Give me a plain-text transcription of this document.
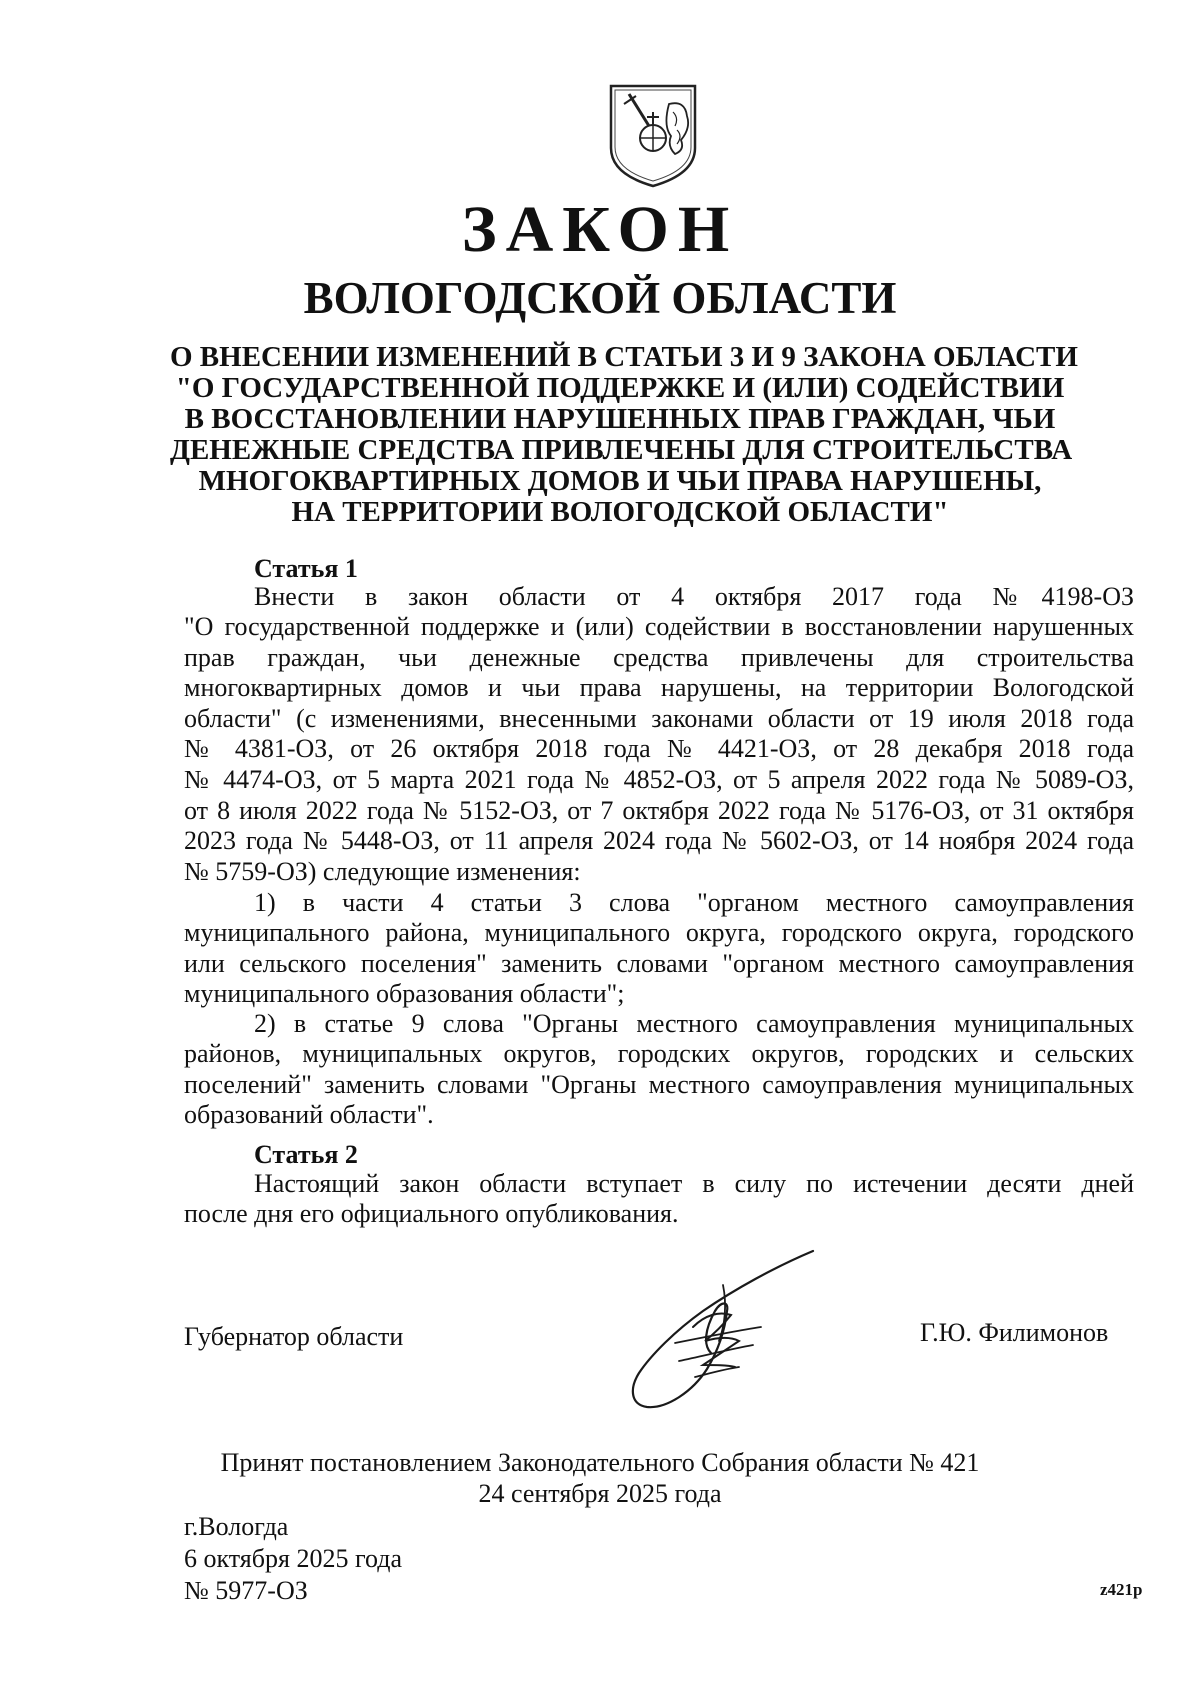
ЗАКОН
ВОЛОГОДСКОЙ ОБЛАСТИ
О ВНЕСЕНИИ ИЗМЕНЕНИЙ В СТАТЬИ 3 И 9 ЗАКОНА ОБЛАСТИ
"О ГОСУДАРСТВЕННОЙ ПОДДЕРЖКЕ И (ИЛИ) СОДЕЙСТВИИ
В ВОССТАНОВЛЕНИИ НАРУШЕННЫХ ПРАВ ГРАЖДАН, ЧЬИ
ДЕНЕЖНЫЕ СРЕДСТВА ПРИВЛЕЧЕНЫ ДЛЯ СТРОИТЕЛЬСТВА
МНОГОКВАРТИРНЫХ ДОМОВ И ЧЬИ ПРАВА НАРУШЕНЫ,
НА ТЕРРИТОРИИ ВОЛОГОДСКОЙ ОБЛАСТИ"
Статья 1
Внести в закон области от 4 октября 2017 года №4198-ОЗ
"О государственной поддержке и (или) содействии в восстановлении нарушенных
прав граждан, чьи денежные средства привлечены для строительства
многоквартирных домов и чьи права нарушены, на территории Вологодской
области" (с изменениями, внесенными законами области от 19 июля 2018 года
№ 4381-ОЗ, от 26 октября 2018 года № 4421-ОЗ, от 28 декабря 2018 года
№ 4474-ОЗ, от 5 марта 2021 года № 4852-ОЗ, от 5 апреля 2022 года № 5089-ОЗ,
от 8 июля 2022 года № 5152-ОЗ, от 7 октября 2022 года № 5176-ОЗ, от 31 октября
2023 года № 5448-ОЗ, от 11 апреля 2024 года № 5602-ОЗ, от 14 ноября 2024 года
№ 5759-ОЗ) следующие изменения:
1) в части 4 статьи 3 слова "органом местного самоуправления
муниципального района, муниципального округа, городского округа, городского
или сельского поселения" заменить словами "органом местного самоуправления
муниципального образования области";
2) в статье 9 слова "Органы местного самоуправления муниципальных
районов, муниципальных округов, городских округов, городских и сельских
поселений" заменить словами "Органы местного самоуправления муниципальных
образований области".
Статья 2
Настоящий закон области вступает в силу по истечении десяти дней
после дня его официального опубликования.
Губернатор области	Г.Ю. Филимонов
Принят постановлением Законодательного Собрания области № 421
24 сентября 2025 года
г.Вологда
6 октября 2025 года
№ 5977-ОЗ	z421р
